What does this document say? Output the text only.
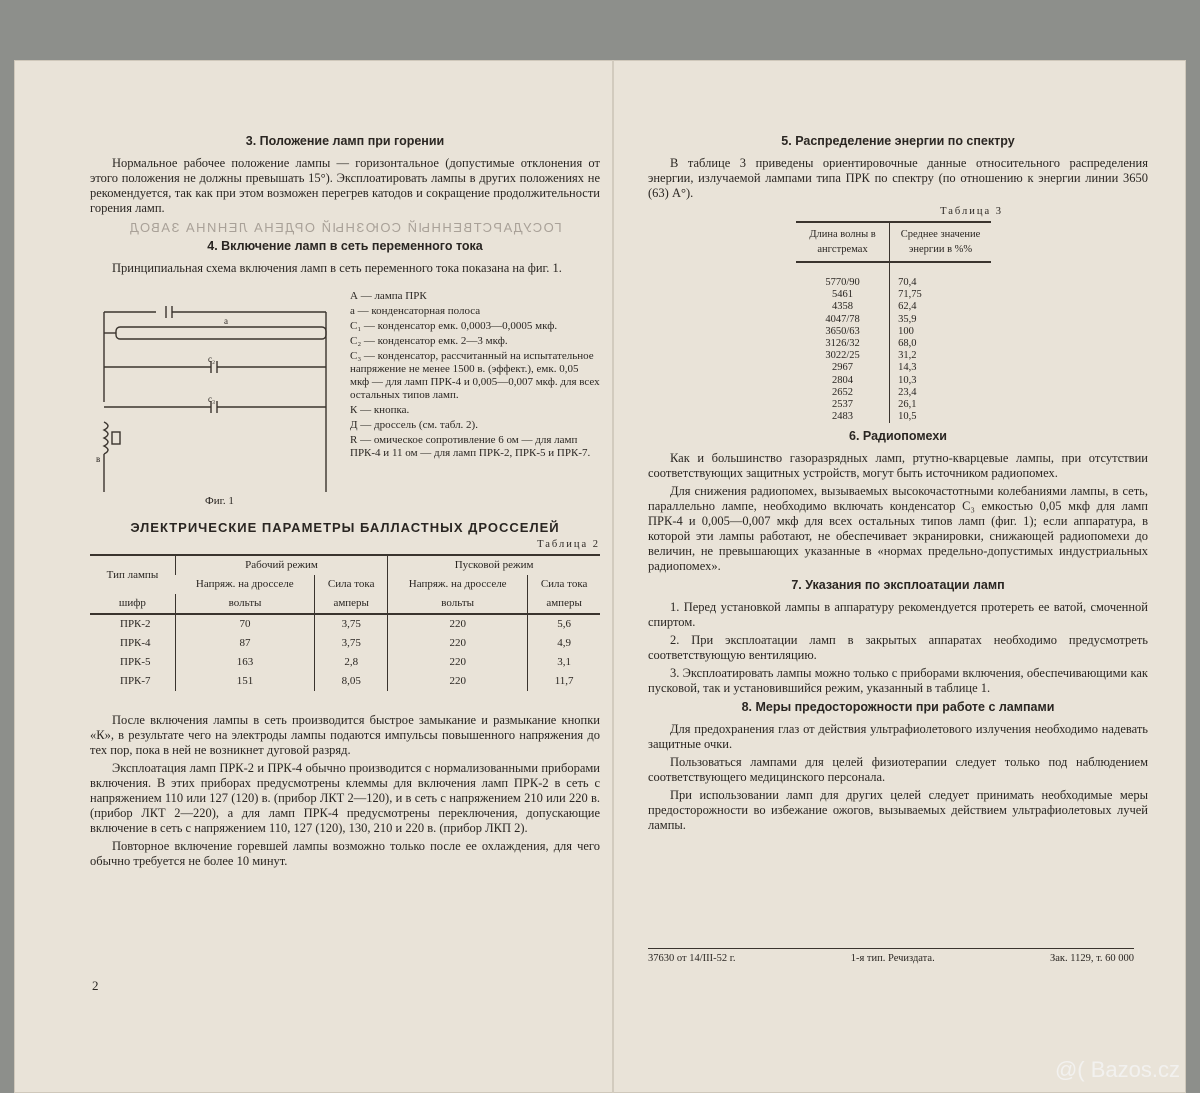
3. Положение ламп при горении

Нормальное рабочее положение лампы — горизонтальное (допустимые отклонения от этого положения не должны превышать 15°). Эксплоатировать лампы в других положениях не рекомендуется, так как при этом возможен перегрев катодов и сокращение продолжительности горения ламп.

ГОСУДАРСТВЕННЫЙ СОЮЗНЫЙ ОРДЕНА ЛЕНИНА ЗАВОД
4. Включение ламп в сеть переменного тока

Принципиальная схема включения ламп в сеть переменного тока показана на фиг. 1.

a
c₂
c₃
в
А — лампа ПРК
a — конденсаторная полоса
C₁ — конденсатор емк. 0,0003—0,0005 мкф.
C₂ — конденсатор емк. 2—3 мкф.
C₃ — конденсатор, рассчитанный на испытательное напряжение не менее 1500 в. (эффект.), емк. 0,05 мкф — для ламп ПРК-4 и 0,005—0,007 мкф. для всех остальных типов ламп.
К — кнопка.
Д — дроссель (см. табл. 2).
R — омическое сопротивление 6 ом — для ламп ПРК-4 и 11 ом — для ламп ПРК-2, ПРК-5 и ПРК-7.
Фиг. 1
ЭЛЕКТРИЧЕСКИЕ ПАРАМЕТРЫ БАЛЛАСТНЫХ ДРОССЕЛЕЙ
Таблица 2
Тип лампы	Рабочий режим		Пусковой режим	
	Напряж. на дросселе	Сила тока	Напряж. на дросселе	Сила тока
шифр	вольты	амперы	вольты	амперы
ПРК-2	70	3,75	220	5,6
ПРК-4	87	3,75	220	4,9
ПРК-5	163	2,8	220	3,1
ПРК-7	151	8,05	220	11,7

После включения лампы в сеть производится быстрое замыкание и размыкание кнопки «К», в результате чего на электроды лампы подаются импульсы повышенного напряжения до тех пор, пока в ней не возникнет дуговой разряд.

Эксплоатация ламп ПРК-2 и ПРК-4 обычно производится с нормализованными приборами включения. В этих приборах предусмотрены клеммы для включения ламп ПРК-2 в сеть с напряжением 110 или 127 (120) в. (прибор ЛКТ 2—120), и в сеть с напряжением 210 или 220 в. (прибор ЛКТ 2—220), а для ламп ПРК-4 предусмотрены переключения, допускающие включение в сеть с напряжением 110, 127 (120), 130, 210 и 220 в. (прибор ЛКП 2).

Повторное включение горевшей лампы возможно только после ее охлаждения, для чего обычно требуется не более 10 минут.

2
5. Распределение энергии по спектру

В таблице 3 приведены ориентировочные данные относительного распределения энергии, излучаемой лампами типа ПРК по спектру (по отношению к энергии линии 3650 (63) А°).

Таблица 3
Длина волны в ангстремах	Среднее значение энергии в %%
5770/90	70,4
5461	71,75
4358	62,4
4047/78	35,9
3650/63	100
3126/32	68,0
3022/25	31,2
2967	14,3
2804	10,3
2652	23,4
2537	26,1
2483	10,5
6. Радиопомехи

Как и большинство газоразрядных ламп, ртутно-кварцевые лампы, при отсутствии соответствующих защитных устройств, могут быть источником радиопомех.

Для снижения радиопомех, вызываемых высокочастотными колебаниями лампы, в сеть, параллельно лампе, необходимо включать конденсатор C₃ емкостью 0,05 мкф для ламп ПРК-4 и 0,005—0,007 мкф для всех остальных типов ламп (фиг. 1); если аппаратура, в которой эти лампы работают, не обеспечивает экранировки, снижающей радиопомехи до величин, не превышающих указанные в «нормах предельно-допустимых индустриальных радиопомех».

7. Указания по эксплоатации ламп

1. Перед установкой лампы в аппаратуру рекомендуется протереть ее ватой, смоченной спиртом.

2. При эксплоатации ламп в закрытых аппаратах необходимо предусмотреть соответствующую вентиляцию.

3. Эксплоатировать лампы можно только с приборами включения, обеспечивающими как пусковой, так и установившийся режим, указанный в таблице 1.

8. Меры предосторожности при работе с лампами

Для предохранения глаз от действия ультрафиолетового излучения необходимо надевать защитные очки.

Пользоваться лампами для целей физиотерапии следует только под наблюдением соответствующего медицинского персонала.

При использовании ламп для других целей следует принимать необходимые меры предосторожности во избежание ожогов, вызываемых действием ультрафиолетовых лучей лампы.

37630 от 14/III-52 г.	1-я тип. Речиздата.	Зак. 1129, т. 60 000
@( Bazos.cz
